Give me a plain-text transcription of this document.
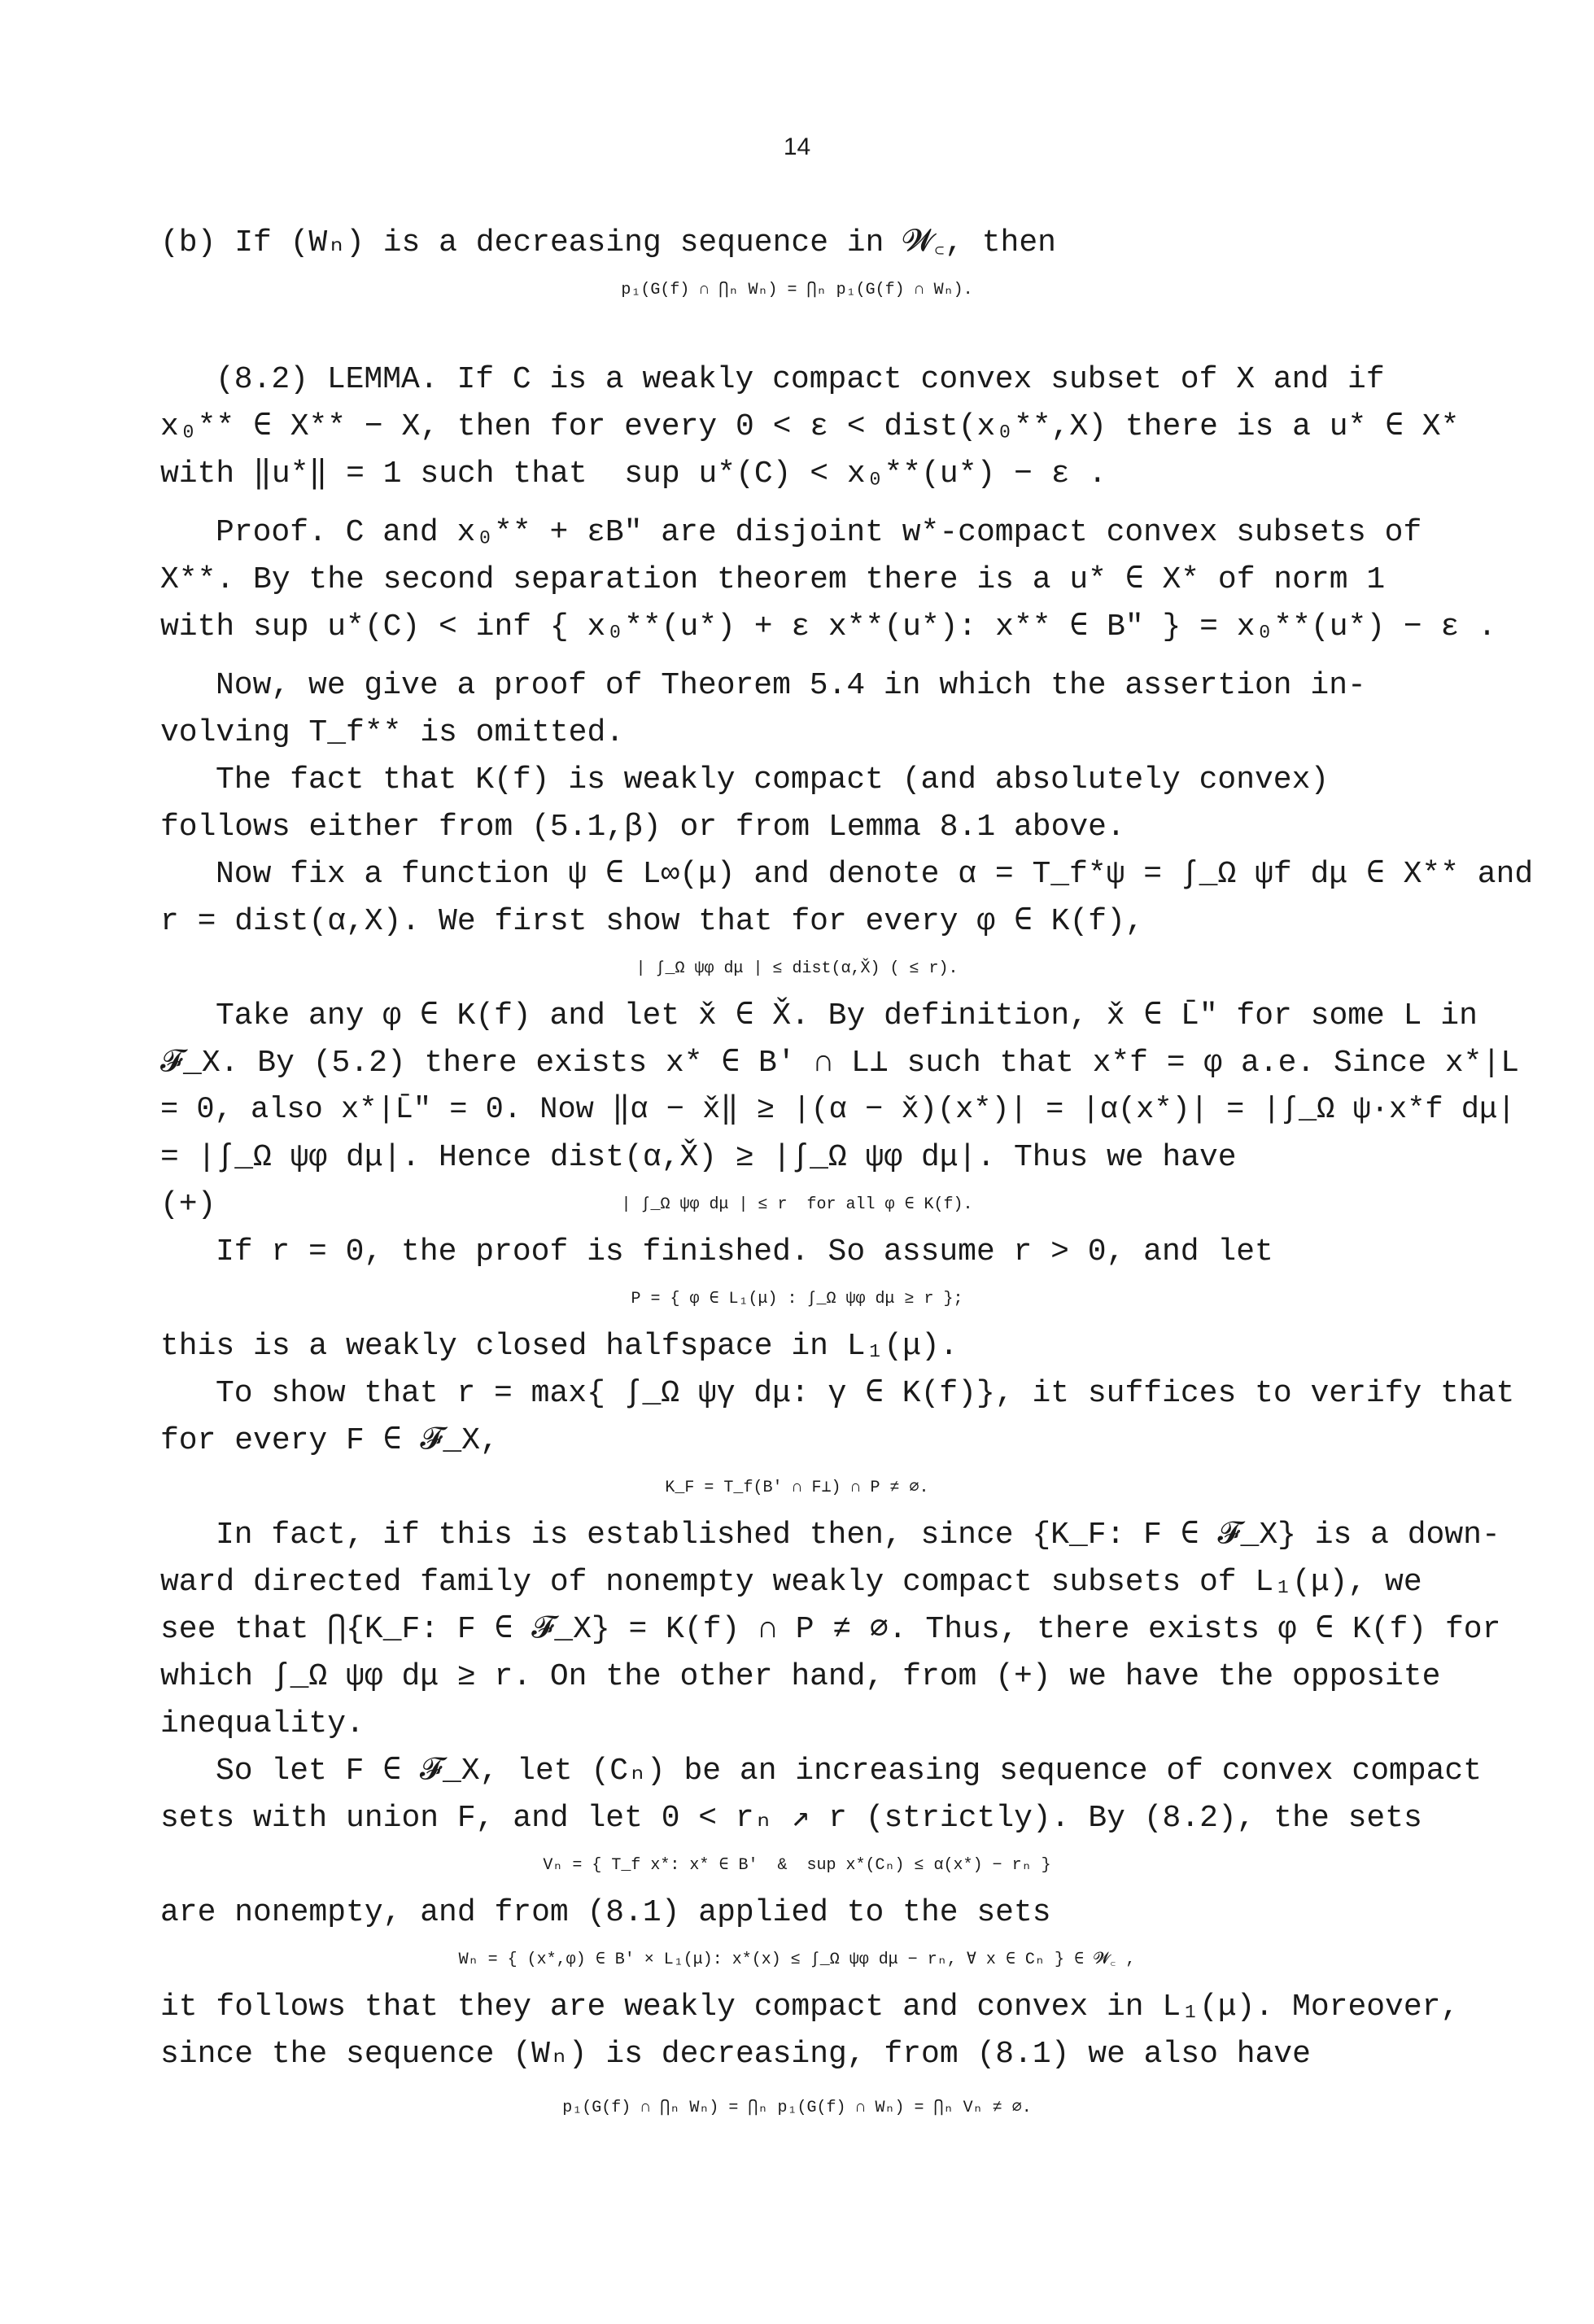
14
(b) If (Wₙ) is a decreasing sequence in 𝓦꜀, then
p₁(G(f) ∩ ⋂ₙ Wₙ) = ⋂ₙ p₁(G(f) ∩ Wₙ).
(8.2) LEMMA. If C is a weakly compact convex subset of X and if
x₀** ∈ X** − X, then for every 0 < ε < dist(x₀**,X) there is a u* ∈ X*
with ‖u*‖ = 1 such that  sup u*(C) < x₀**(u*) − ε .
Proof. C and x₀** + εB″ are disjoint w*-compact convex subsets of
X**. By the second separation theorem there is a u* ∈ X* of norm 1
with sup u*(C) < inf { x₀**(u*) + ε x**(u*): x** ∈ B″ } = x₀**(u*) − ε .
Now, we give a proof of Theorem 5.4 in which the assertion in-
volving T_f** is omitted.
The fact that K(f) is weakly compact (and absolutely convex)
follows either from (5.1,β) or from Lemma 8.1 above.
Now fix a function ψ ∈ L∞(μ) and denote α = T_f*ψ = ∫_Ω ψf dμ ∈ X** and
r = dist(α,X). We first show that for every φ ∈ K(f),
| ∫_Ω ψφ dμ | ≤ dist(α,X̌) ( ≤ r).
Take any φ ∈ K(f) and let x̌ ∈ X̌. By definition, x̌ ∈ L̄″ for some L in
𝓕_X. By (5.2) there exists x* ∈ B′ ∩ L⊥ such that x*f = φ a.e. Since x*|L
= 0, also x*|L̄″ = 0. Now ‖α − x̌‖ ≥ |(α − x̌)(x*)| = |α(x*)| = |∫_Ω ψ·x*f dμ|
= |∫_Ω ψφ dμ|. Hence dist(α,X̌) ≥ |∫_Ω ψφ dμ|. Thus we have
(+)	| ∫_Ω ψφ dμ | ≤ r  for all φ ∈ K(f).
If r = 0, the proof is finished. So assume r > 0, and let
P = { φ ∈ L₁(μ) : ∫_Ω ψφ dμ ≥ r };
this is a weakly closed halfspace in L₁(μ).
To show that r = max{ ∫_Ω ψγ dμ: γ ∈ K(f)}, it suffices to verify that
for every F ∈ 𝓕_X,
K_F = T_f(B′ ∩ F⊥) ∩ P ≠ ∅.
In fact, if this is established then, since {K_F: F ∈ 𝓕_X} is a down-
ward directed family of nonempty weakly compact subsets of L₁(μ), we
see that ⋂{K_F: F ∈ 𝓕_X} = K(f) ∩ P ≠ ∅. Thus, there exists φ ∈ K(f) for
which ∫_Ω ψφ dμ ≥ r. On the other hand, from (+) we have the opposite
inequality.
So let F ∈ 𝓕_X, let (Cₙ) be an increasing sequence of convex compact
sets with union F, and let 0 < rₙ ↗ r (strictly). By (8.2), the sets
Vₙ = { T_f x*: x* ∈ B′  &  sup x*(Cₙ) ≤ α(x*) − rₙ }
are nonempty, and from (8.1) applied to the sets
Wₙ = { (x*,φ) ∈ B′ × L₁(μ): x*(x) ≤ ∫_Ω ψφ dμ − rₙ, ∀ x ∈ Cₙ } ∈ 𝓦꜀ ,
it follows that they are weakly compact and convex in L₁(μ). Moreover,
since the sequence (Wₙ) is decreasing, from (8.1) we also have
p₁(G(f) ∩ ⋂ₙ Wₙ) = ⋂ₙ p₁(G(f) ∩ Wₙ) = ⋂ₙ Vₙ ≠ ∅.
